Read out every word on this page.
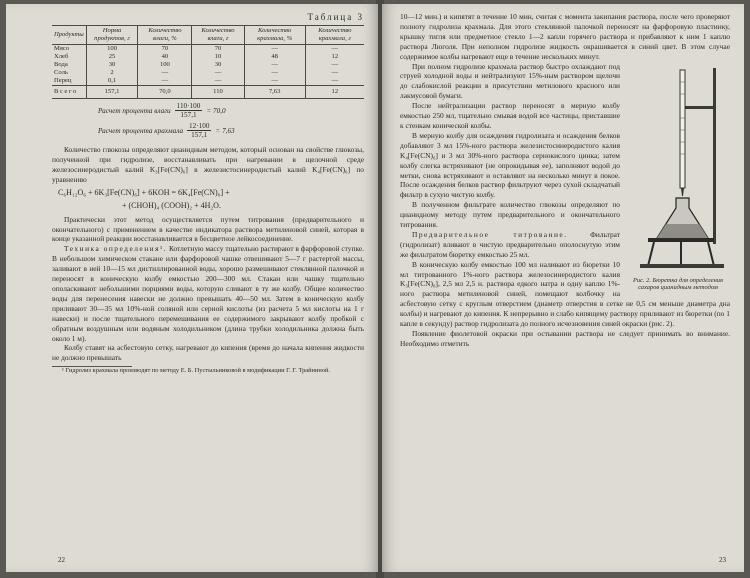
Таблица 3
Продукты	Норма продуктов, г	Количество влаги, %	Количество влаги, г	Количество крахмала, %	Количество крахмала, г
Мясо	100	70	70	—	—
Хлеб	25	40	10	48	12
Вода	30	100	30	—	—
Соль	2	—	—	—	—
Перец	0,1	—	—	—	—
Всего	157,1	70,0	110	7,63	12
Расчет процента влаги $\frac{110\cdot 100}{157,1} = 70,0$
Расчет процента крахмала $\frac{12\cdot 100}{157,1} = 7,63$

Количество глюкозы определяют цианидным методом, который основан на свойстве глюкозы, полученной при гидролизе, восстанавливать при нагревании в щелочной среде железосинеродистый калий K₃[Fe(CN)₆] в железистосинеродистый калий K₄[Fe(CN)₆] по уравнению

C₆H₁₂O₆ + 6K₃[Fe(CN)₆] + 6KOH = 6K₄[Fe(CN)₆] +
+ (CHOH)₄ (COOH)₂ + 4H₂O.

Практически этот метод осуществляется путем титрования (предварительного и окончательного) с применением в качестве индикатора раствора метиленовой синей, которая в конце указанной реакции восстанавливается в бесцветное лейкосоединение.

Техника определения¹. Котлетную массу тщательно растирают в фарфоровой ступке. В небольшом химическом стакане или фарфоровой чашке отвешивают 5—7 г растертой массы, заливают в ней 10—15 мл дистиллированной воды, хорошо размешивают стеклянной палочкой и переносят в коническую колбу емкостью 200—300 мл. Стакан или чашку тщательно ополаскивают небольшими порциями воды, которую сливают в ту же колбу. Общее количество воды для перенесения навески не должно превышать 40—50 мл. Затем в коническую колбу приливают 30—35 мл 10%-ной соляной или серной кислоты (из расчета 5 мл кислоты на 1 г навески) и после тщательного перемешивания ее содержимого закрывают колбу пробкой с обратным воздушным или водяным холодильником (длина трубки холодильника должна быть около 1 м).

Колбу ставят на асбестовую сетку, нагревают до кипения (время до начала кипения жидкости не должно превышать

¹ Гидролиз крахмала производят по методу Е. Б. Пустыльниковой в модификации Г. Г. Трайниной.

22

10—12 мин.) и кипятят в течение 10 мин, считая с момента закипания раствора, после чего проверяют полноту гидролиза крахмала. Для этого стеклянной палочкой переносят на фарфоровую пластинку, крышку тигля или предметное стекло 1—2 капли горячего раствора и прибавляют к ним 1 каплю раствора Люголя. При неполном гидролизе жидкость окрашивается в синий цвет. В этом случае содержимое колбы нагревают еще в течение нескольких минут.

Рис. 2. Бюретка для определения сахаров цианидным методом

При полном гидролизе крахмала раствор быстро охлаждают под струей холодной воды и нейтрализуют 15%-ным раствором щелочи до слабокислой реакции в присутствии метилового красного или лакмусовой бумаги.

После нейтрализации раствор переносят в мерную колбу емкостью 250 мл, тщательно смывая водой все частицы, приставшие к стенкам конической колбы.

В мерную колбу для осаждения гидролизата и осаждения белков добавляют 3 мл 15%-ного раствора железистосинеродистого калия K₄[Fe(CN)₆] и 3 мл 30%-ного раствора сернокислого цинка; затем колбу слегка встряхивают (не опрокидывая ее), заполняют водой до метки, снова встряхивают и оставляют на несколько минут в покое. После осаждения белков раствор фильтруют через сухой складчатый фильтр в сухую чистую колбу.

В полученном фильтрате количество глюкозы определяют по цианидному методу путем предварительного и окончательного титрования.

Предварительное титрование.	Фильтрат (гидролизат) вливают в чистую предварительно ополоснутую этим же фильтратом бюретку емкостью 25 мл.

В коническую колбу емкостью 100 мл наливают из бюретки 10 мл титрованного 1%-ного раствора железосинеродистого калия K₃[Fe(CN)₆], 2,5 мл 2,5 н. раствора едкого натра и одну каплю 1%-ного раствора метиленовой синей, помещают колбочку на асбестовую сетку с круглым отверстием (диаметр отверстия в сетке не 0,5 см меньше диаметра дна колбы) и нагревают до кипения. К непрерывно и слабо кипящему раствору приливают из бюретки (по 1 капле в секунду) раствор гидролизата до полного исчезновения синей окраски (рис. 2).

Появление фиолетовой окраски при остывании раствора не следует принимать во внимание. Необходимо отметить

23
